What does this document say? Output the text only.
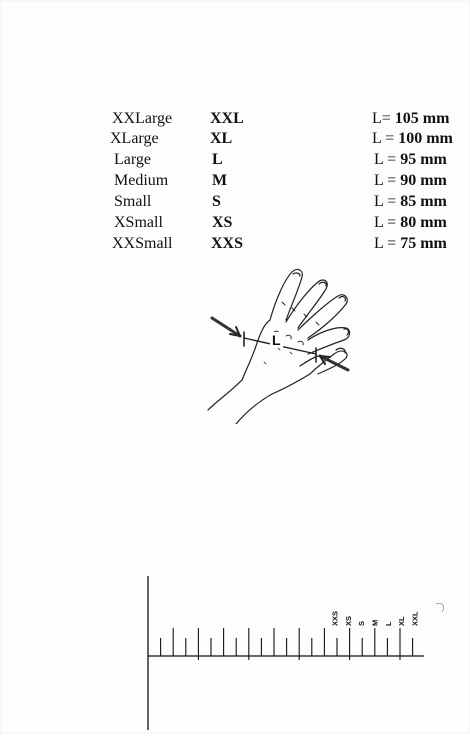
XXLarge XXL	L= 105 mm
XLarge	XL	L = 100 mm
Large	L	L = 95 mm
Medium	M	L = 90 mm
Small	S	L = 85 mm
XSmall	XS	L = 80 mm
XXSmall XXS	L = 75 mm
L
XXS XS S M L XL XXL
